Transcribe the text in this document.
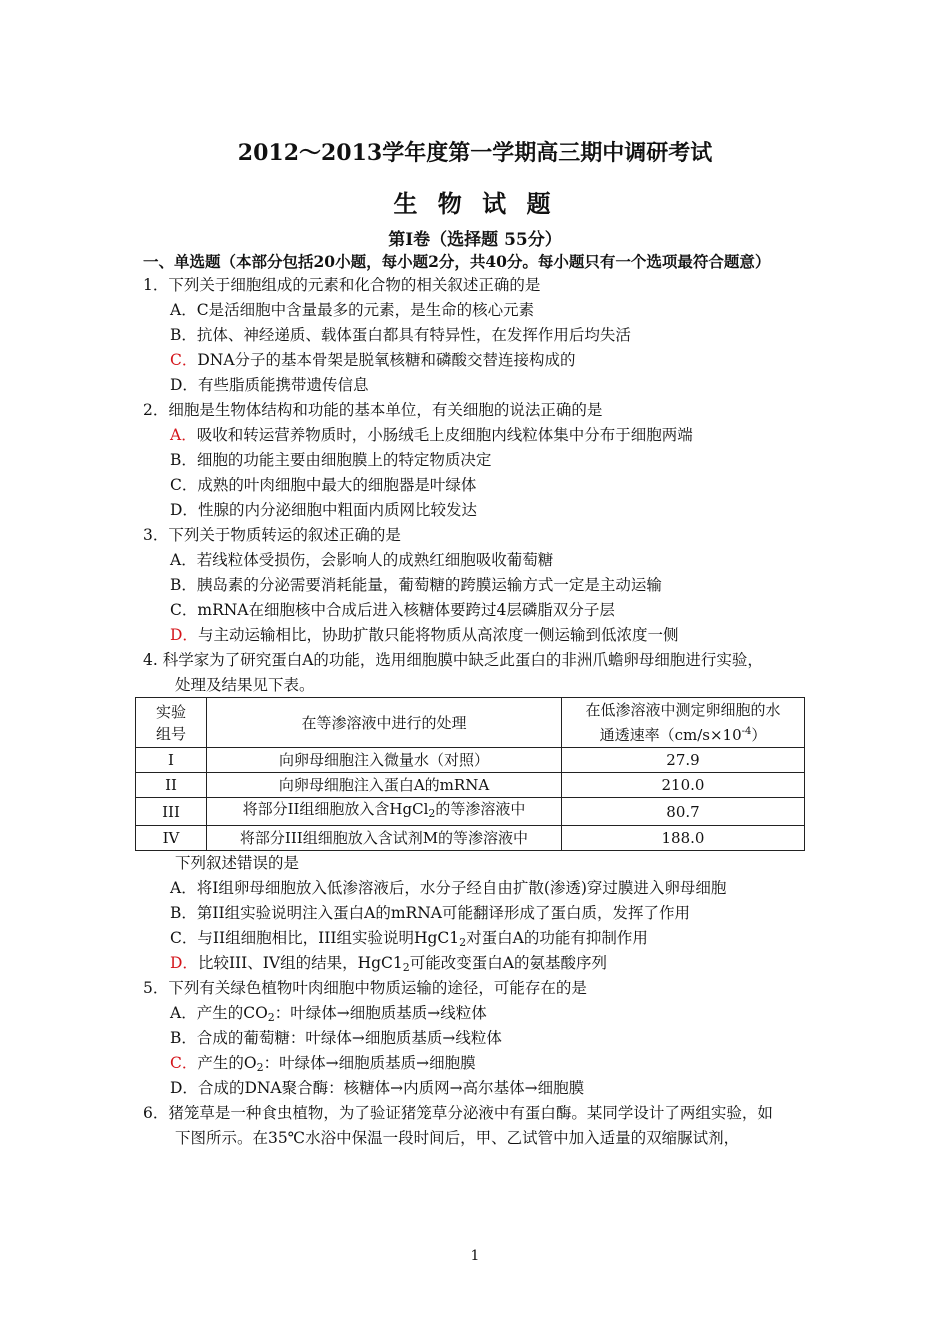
2012～2013学年度第一学期高三期中调研考试
生 物 试 题
第Ⅰ卷（选择题 55分）
一、单选题（本部分包括20小题，每小题2分，共40分。每小题只有一个选项最符合题意）
1．下列关于细胞组成的元素和化合物的相关叙述正确的是
A．C是活细胞中含量最多的元素，是生命的核心元素
B．抗体、神经递质、载体蛋白都具有特异性，在发挥作用后均失活
C．DNA分子的基本骨架是脱氧核糖和磷酸交替连接构成的
D．有些脂质能携带遗传信息
2．细胞是生物体结构和功能的基本单位，有关细胞的说法正确的是
A．吸收和转运营养物质时，小肠绒毛上皮细胞内线粒体集中分布于细胞两端
B．细胞的功能主要由细胞膜上的特定物质决定
C．成熟的叶肉细胞中最大的细胞器是叶绿体
D．性腺的内分泌细胞中粗面内质网比较发达
3．下列关于物质转运的叙述正确的是
A．若线粒体受损伤，会影响人的成熟红细胞吸收葡萄糖
B．胰岛素的分泌需要消耗能量，葡萄糖的跨膜运输方式一定是主动运输
C．mRNA在细胞核中合成后进入核糖体要跨过4层磷脂双分子层
D．与主动运输相比，协助扩散只能将物质从高浓度一侧运输到低浓度一侧
4. 科学家为了研究蛋白A的功能，选用细胞膜中缺乏此蛋白的非洲爪蟾卵母细胞进行实验，
处理及结果见下表。
实验
组号	在等渗溶液中进行的处理	在低渗溶液中测定卵细胞的水
通透速率$(cm/s\times 10^{-4})$
I	向卵母细胞注入微量水（对照）	27.9
II	向卵母细胞注入蛋白A的mRNA	210.0
III	将部分II组细胞放入含HgCl$_2$的等渗溶液中	80.7
IV	将部分III组细胞放入含试剂M的等渗溶液中	188.0
下列叙述错误的是
A．将I组卵母细胞放入低渗溶液后，水分子经自由扩散(渗透)穿过膜进入卵母细胞
B．第II组实验说明注入蛋白A的mRNA可能翻译形成了蛋白质，发挥了作用
C．与II组细胞相比，III组实验说明$HgC1_2$对蛋白A的功能有抑制作用
D．比较III、IV组的结果，$HgC1_2$可能改变蛋白A的氨基酸序列
5．下列有关绿色植物叶肉细胞中物质运输的途径，可能存在的是
A．产生的$CO_2$：叶绿体→细胞质基质→线粒体
B．合成的葡萄糖：叶绿体→细胞质基质→线粒体
C．产生的$O_2$：叶绿体→细胞质基质→细胞膜
D．合成的DNA聚合酶：核糖体→内质网→高尔基体→细胞膜
6．猪笼草是一种食虫植物，为了验证猪笼草分泌液中有蛋白酶。某同学设计了两组实验，如
下图所示。在35℃水浴中保温一段时间后，甲、乙试管中加入适量的双缩脲试剂，
1
